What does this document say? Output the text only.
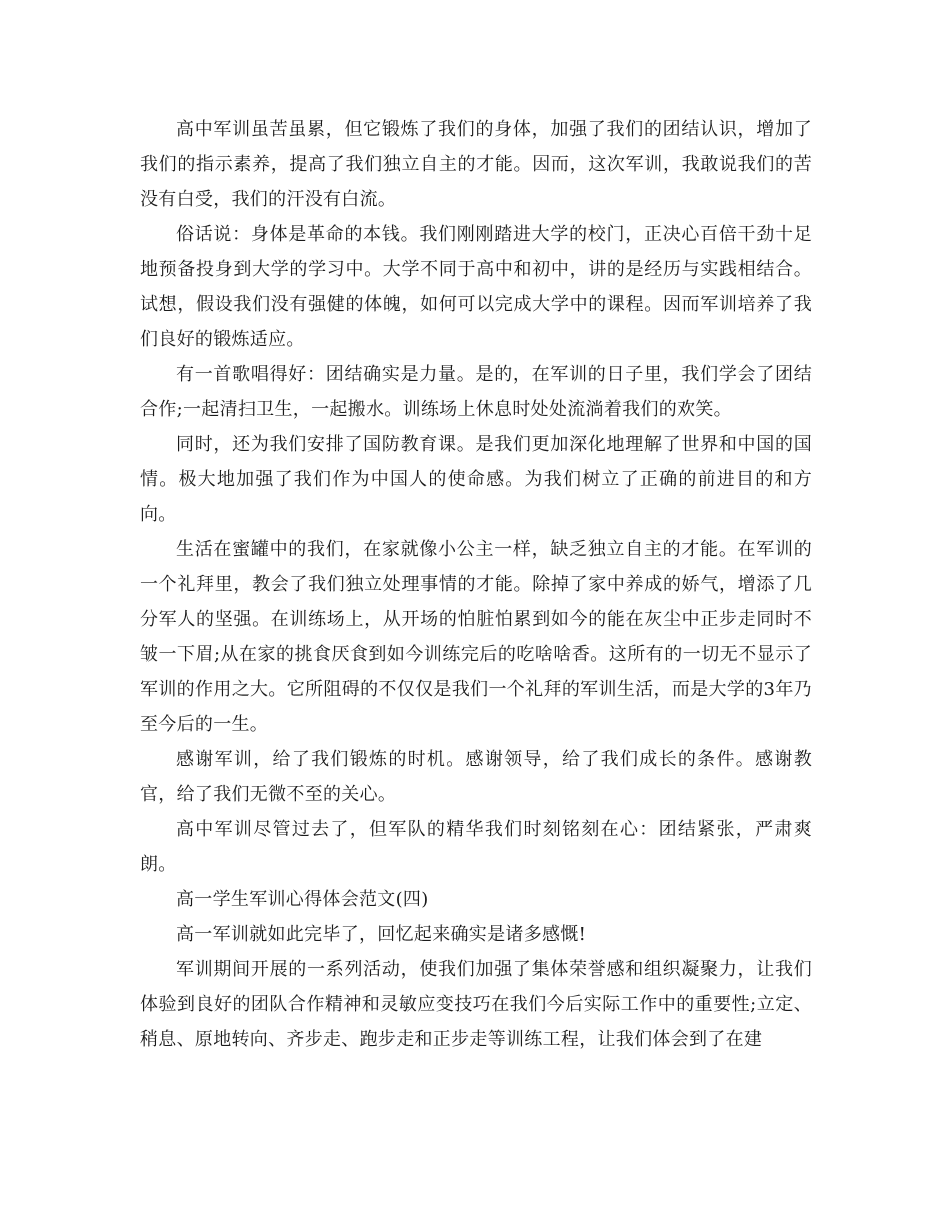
高中军训虽苦虽累，但它锻炼了我们的身体，加强了我们的团结认识，增加了我们的指示素养，提高了我们独立自主的才能。因而，这次军训，我敢说我们的苦没有白受，我们的汗没有白流。

俗话说：身体是革命的本钱。我们刚刚踏进大学的校门，正决心百倍干劲十足地预备投身到大学的学习中。大学不同于高中和初中，讲的是经历与实践相结合。试想，假设我们没有强健的体魄，如何可以完成大学中的课程。因而军训培养了我们良好的锻炼适应。

有一首歌唱得好：团结确实是力量。是的，在军训的日子里，我们学会了团结合作;一起清扫卫生，一起搬水。训练场上休息时处处流淌着我们的欢笑。

同时，还为我们安排了国防教育课。是我们更加深化地理解了世界和中国的国情。极大地加强了我们作为中国人的使命感。为我们树立了正确的前进目的和方向。

生活在蜜罐中的我们，在家就像小公主一样，缺乏独立自主的才能。在军训的一个礼拜里，教会了我们独立处理事情的才能。除掉了家中养成的娇气，增添了几分军人的坚强。在训练场上，从开场的怕脏怕累到如今的能在灰尘中正步走同时不皱一下眉;从在家的挑食厌食到如今训练完后的吃啥啥香。这所有的一切无不显示了军训的作用之大。它所阻碍的不仅仅是我们一个礼拜的军训生活，而是大学的3年乃至今后的一生。

感谢军训，给了我们锻炼的时机。感谢领导，给了我们成长的条件。感谢教官，给了我们无微不至的关心。

高中军训尽管过去了，但军队的精华我们时刻铭刻在心：团结紧张，严肃爽朗。

高一学生军训心得体会范文(四)

高一军训就如此完毕了，回忆起来确实是诸多感慨!

军训期间开展的一系列活动，使我们加强了集体荣誉感和组织凝聚力，让我们体验到良好的团队合作精神和灵敏应变技巧在我们今后实际工作中的重要性;立定、稍息、原地转向、齐步走、跑步走和正步走等训练工程，让我们体会到了在建
